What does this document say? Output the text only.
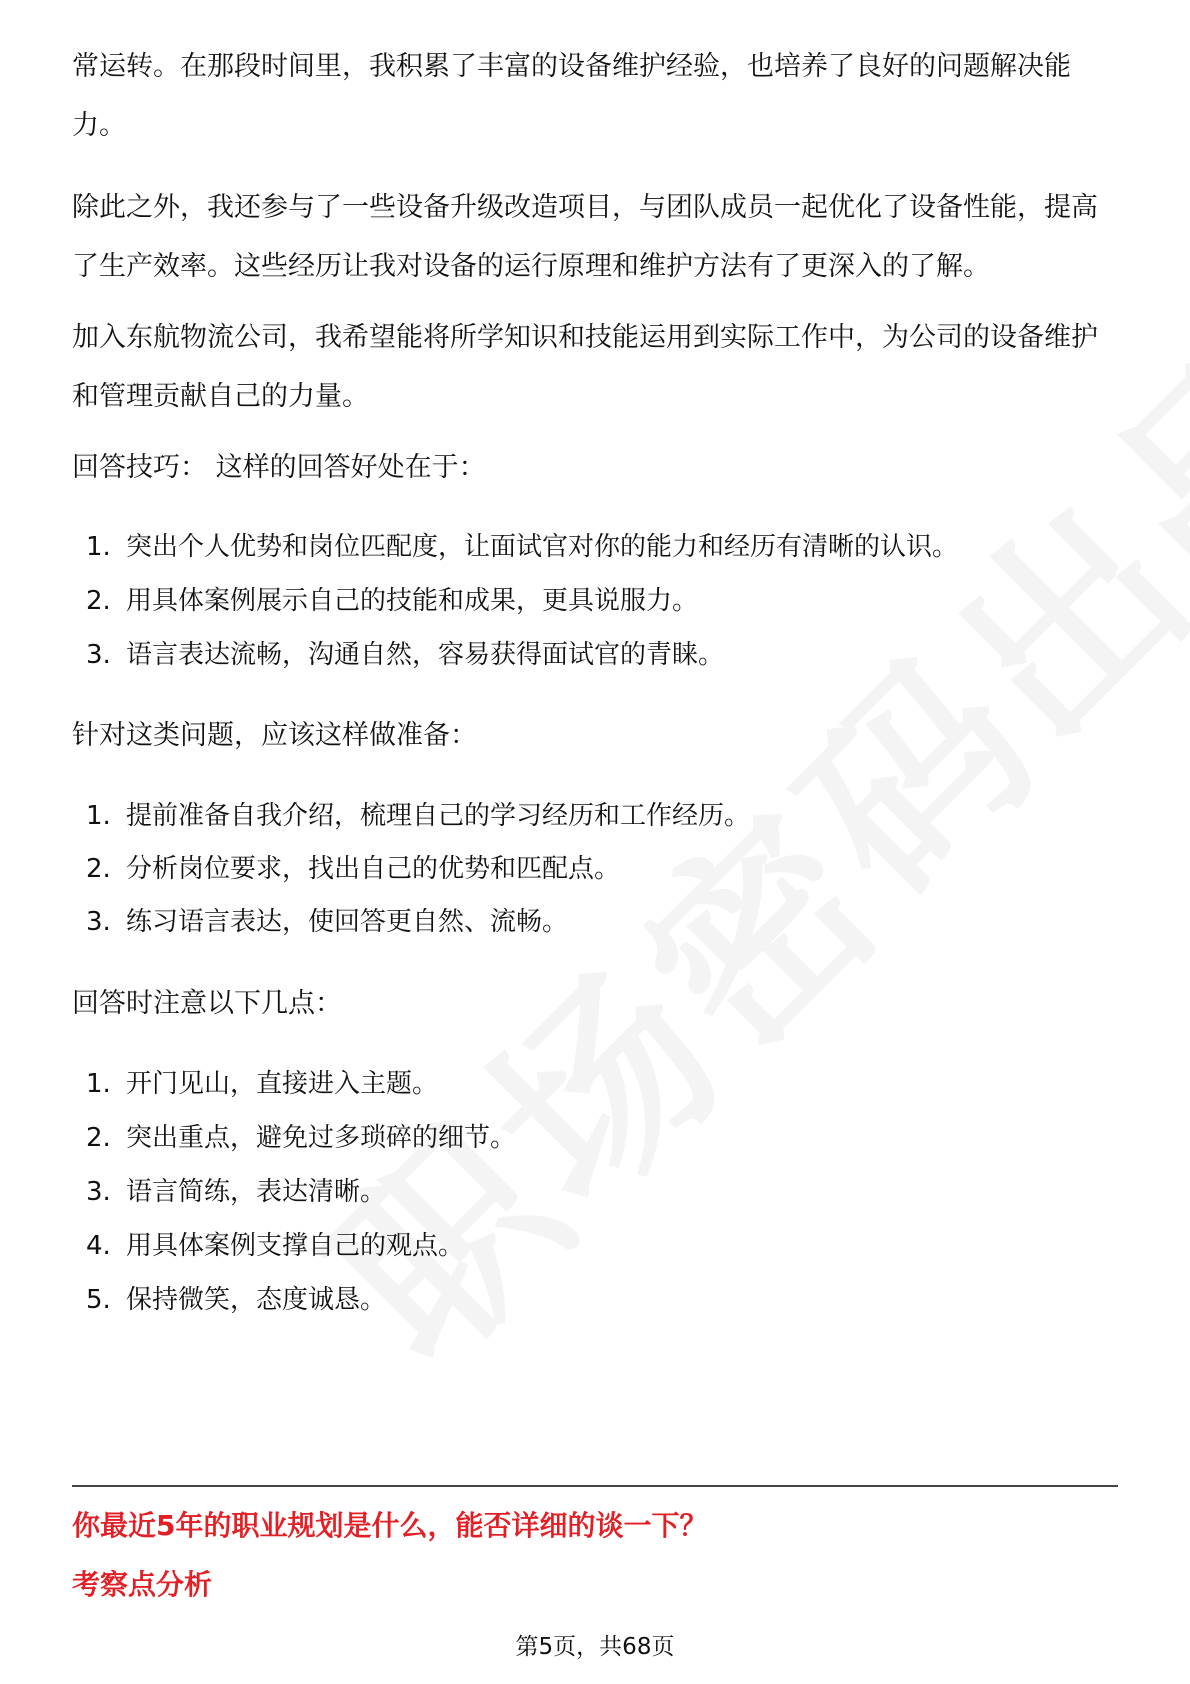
常运转。在那段时间里，我积累了丰富的设备维护经验，也培养了良好的问题解决能力。

除此之外，我还参与了一些设备升级改造项目，与团队成员一起优化了设备性能，提高了生产效率。这些经历让我对设备的运行原理和维护方法有了更深入的了解。

加入东航物流公司，我希望能将所学知识和技能运用到实际工作中，为公司的设备维护和管理贡献自己的力量。

回答技巧： 这样的回答好处在于：

1. 突出个人优势和岗位匹配度，让面试官对你的能力和经历有清晰的认识。
2. 用具体案例展示自己的技能和成果，更具说服力。
3. 语言表达流畅，沟通自然，容易获得面试官的青睐。

针对这类问题，应该这样做准备：

1. 提前准备自我介绍，梳理自己的学习经历和工作经历。
2. 分析岗位要求，找出自己的优势和匹配点。
3. 练习语言表达，使回答更自然、流畅。

回答时注意以下几点：

1. 开门见山，直接进入主题。
2. 突出重点，避免过多琐碎的细节。
3. 语言简练，表达清晰。
4. 用具体案例支撑自己的观点。
5. 保持微笑，态度诚恳。
你最近5年的职业规划是什么，能否详细的谈一下？
考察点分析
第5页，共68页
